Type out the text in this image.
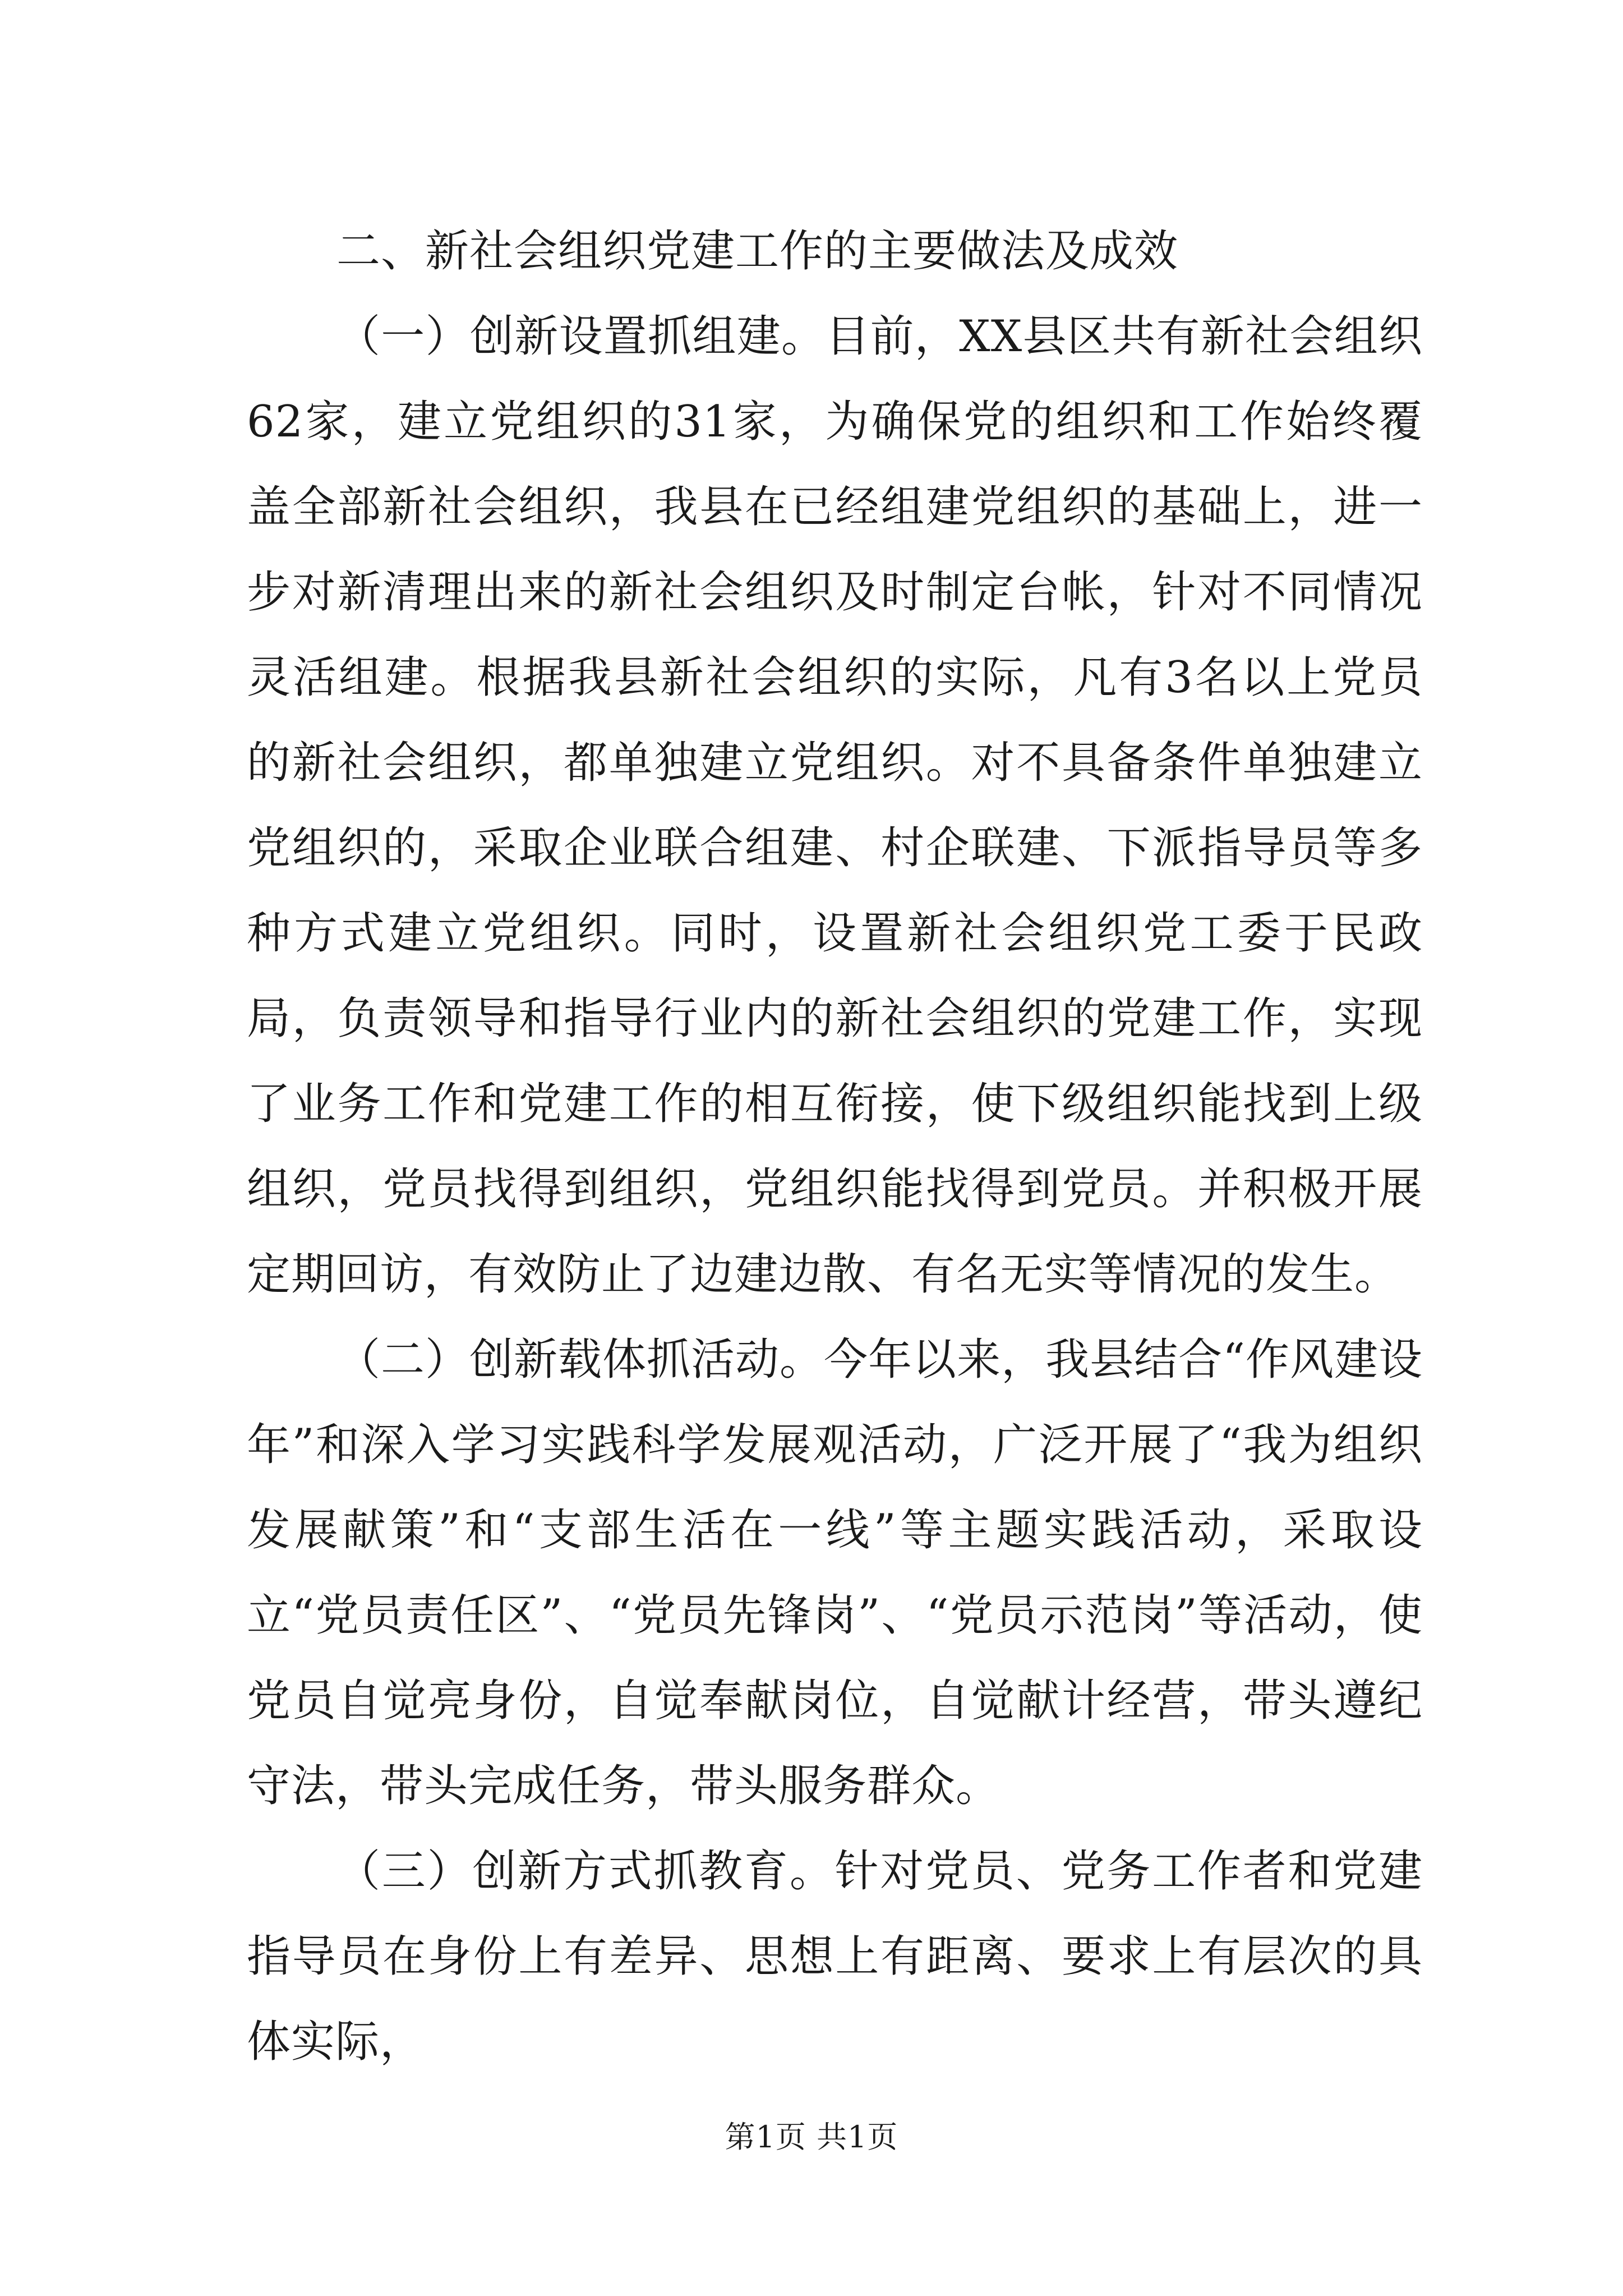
二、新社会组织党建工作的主要做法及成效

（一）创新设置抓组建。目前，XX县区共有新社会组织62家，建立党组织的31家，为确保党的组织和工作始终覆盖全部新社会组织，我县在已经组建党组织的基础上，进一步对新清理出来的新社会组织及时制定台帐，针对不同情况灵活组建。根据我县新社会组织的实际，凡有3名以上党员的新社会组织，都单独建立党组织。对不具备条件单独建立党组织的，采取企业联合组建、村企联建、下派指导员等多种方式建立党组织。同时，设置新社会组织党工委于民政局，负责领导和指导行业内的新社会组织的党建工作，实现了业务工作和党建工作的相互衔接，使下级组织能找到上级组织，党员找得到组织，党组织能找得到党员。并积极开展定期回访，有效防止了边建边散、有名无实等情况的发生。

（二）创新载体抓活动。今年以来，我县结合“作风建设年”和深入学习实践科学发展观活动，广泛开展了“我为组织发展献策”和“支部生活在一线”等主题实践活动，采取设立“党员责任区”、“党员先锋岗”、“党员示范岗”等活动，使党员自觉亮身份，自觉奉献岗位，自觉献计经营，带头遵纪守法，带头完成任务，带头服务群众。

（三）创新方式抓教育。针对党员、党务工作者和党建指导员在身份上有差异、思想上有距离、要求上有层次的具体实际，

第1页 共1页
